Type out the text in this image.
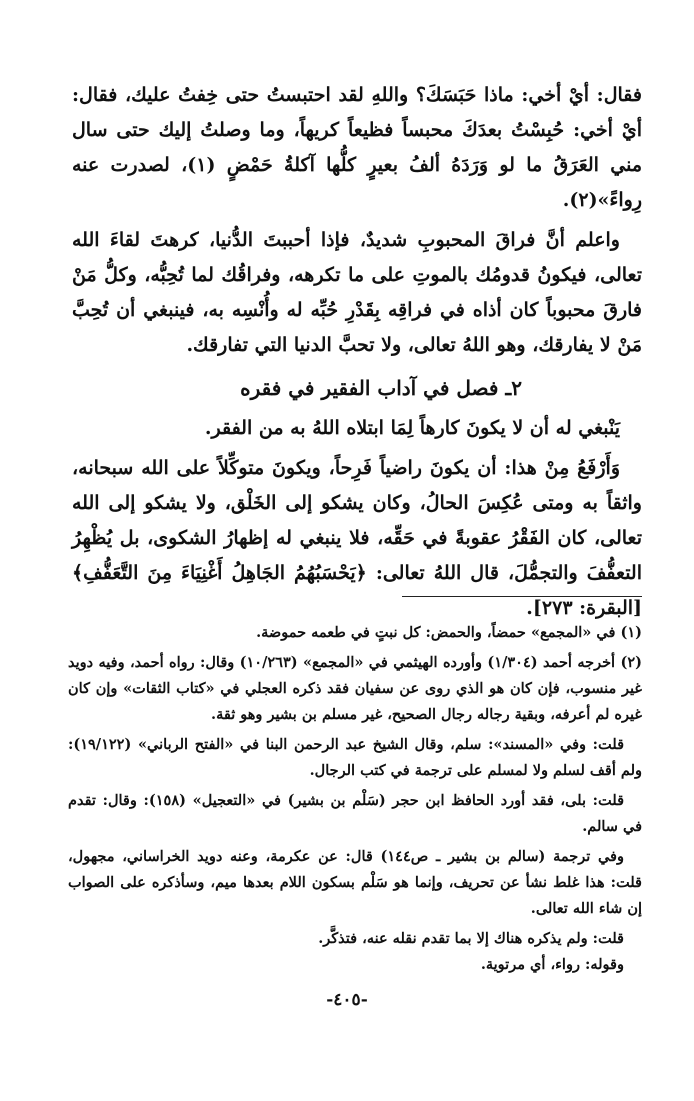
فقال: أيْ أخي: ماذا حَبَسَكَ؟ واللهِ لقد احتبستُ حتى خِفتُ عليك، فقال: أيْ أخي: حُبِسْتُ بعدَكَ محبساً فظيعاً كريهاً، وما وصلتُ إليك حتى سال مني العَرَقُ ما لو وَرَدَهُ ألفُ بعيرٍ كلُّها آكلةُ حَمْضٍ (١)، لصدرت عنه رِواءً»(٢).

واعلم أنَّ فراقَ المحبوبِ شديدٌ، فإذا أحببتَ الدُّنيا، كرهتَ لقاءَ الله تعالى، فيكونُ قدومُك بالموتِ على ما تكرهه، وفراقُك لما تُحِبُّه، وكلُّ مَنْ فارقَ محبوباً كان أذاه في فراقِه بِقَدْرِ حُبِّه له وأُنْسِه به، فينبغي أن تُحِبَّ مَنْ لا يفارقك، وهو اللهُ تعالى، ولا تحبَّ الدنيا التي تفارقك.

٢ـ فصل في آداب الفقير في فقره

يَنْبغي له أن لا يكونَ كارهاً لِمَا ابتلاه اللهُ به من الفقر.

وَأَرْفَعُ مِنْ هذا: أن يكونَ راضياً فَرِحاً، ويكونَ متوكِّلاً على الله سبحانه، واثقاً به ومتى عُكِسَ الحالُ، وكان يشكو إلى الخَلْق، ولا يشكو إلى الله تعالى، كان الفَقْرُ عقوبةً في حَقِّه، فلا ينبغي له إظهارُ الشكوى، بل يُظْهِرُ التعفُّفَ والتجمُّلَ، قال اللهُ تعالى: ﴿يَحْسَبُهُمُ الجَاهِلُ أَغْنِيَاءَ مِنَ التَّعَفُّفِ﴾ [البقرة: ٢٧٣].

(١) في «المجمع» حمضاً، والحمض: كل نبتٍ في طعمه حموضة.

(٢) أخرجه أحمد (١/٣٠٤) وأورده الهيثمي في «المجمع» (١٠/٢٦٣) وقال: رواه أحمد، وفيه دويد غير منسوب، فإن كان هو الذي روى عن سفيان فقد ذكره العجلي في «كتاب الثقات» وإن كان غيره لم أعرفه، وبقية رجاله رجال الصحيح، غير مسلم بن بشير وهو ثقة.

قلت: وفي «المسند»: سلم، وقال الشيخ عبد الرحمن البنا في «الفتح الرباني» (١٩/١٢٢): ولم أقف لسلم ولا لمسلم على ترجمة في كتب الرجال.

قلت: بلى، فقد أورد الحافظ ابن حجر (سَلْم بن بشير) في «التعجيل» (١٥٨): وقال: تقدم في سالم.

وفي ترجمة (سالم بن بشير ـ ص١٤٤) قال: عن عكرمة، وعنه دويد الخراساني، مجهول، قلت: هذا غلط نشأ عن تحريف، وإنما هو سَلْم بسكون اللام بعدها ميم، وسأذكره على الصواب إن شاء الله تعالى.

قلت: ولم يذكره هناك إلا بما تقدم نقله عنه، فتذكَّر.

وقوله: رواء، أي مرتوية.

-٤٠٥-
